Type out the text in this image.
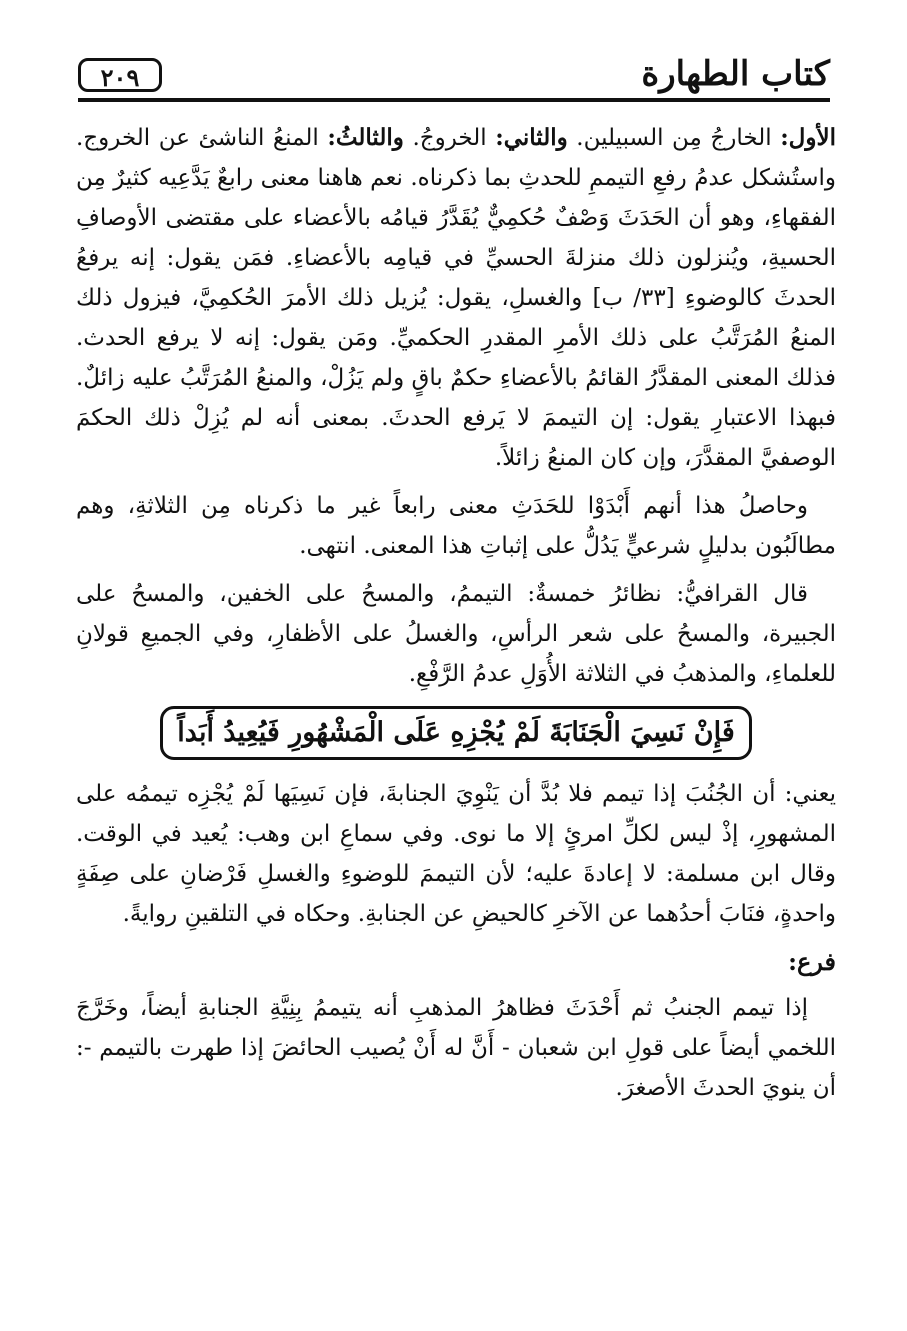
كتاب الطهارة
٢٠٩

الأول: الخارجُ مِن السبيلين. والثاني: الخروجُ. والثالثُ: المنعُ الناشئ عن الخروج. واستُشكل عدمُ رفعِ التيممِ للحدثِ بما ذكرناه. نعم هاهنا معنى رابعٌ يَدَّعِيه كثيرٌ مِن الفقهاءِ، وهو أن الحَدَثَ وَصْفٌ حُكمِيٌّ يُقَدَّرُ قيامُه بالأعضاء على مقتضى الأوصافِ الحسيةِ، ويُنزلون ذلك منزلةَ الحسيِّ في قيامِه بالأعضاءِ. فمَن يقول: إنه يرفعُ الحدثَ كالوضوءِ [٣٣/ ب] والغسلِ، يقول: يُزيل ذلك الأمرَ الحُكمِيَّ، فيزول ذلك المنعُ المُرَتَّبُ على ذلك الأمرِ المقدرِ الحكميِّ. ومَن يقول: إنه لا يرفع الحدث. فذلك المعنى المقدَّرُ القائمُ بالأعضاءِ حكمٌ باقٍ ولم يَزُلْ، والمنعُ المُرَتَّبُ عليه زائلٌ. فبهذا الاعتبارِ يقول: إن التيممَ لا يَرفع الحدثَ. بمعنى أنه لم يُزِلْ ذلك الحكمَ الوصفيَّ المقدَّرَ، وإن كان المنعُ زائلاً.

وحاصلُ هذا أنهم أَبْدَوْا للحَدَثِ معنى رابعاً غير ما ذكرناه مِن الثلاثةِ، وهم مطالَبُون بدليلٍ شرعيٍّ يَدُلُّ على إثباتِ هذا المعنى. انتهى.

قال القرافيُّ: نظائرُ خمسةٌ: التيممُ، والمسحُ على الخفين، والمسحُ على الجبيرة، والمسحُ على شعر الرأسِ، والغسلُ على الأظفارِ، وفي الجميعِ قولانِ للعلماءِ، والمذهبُ في الثلاثة الأُوَلِ عدمُ الرَّفْعِ.

فَإِنْ نَسِيَ الْجَنَابَةَ لَمْ يُجْزِهِ عَلَى الْمَشْهُورِ فَيُعِيدُ أَبَداً

يعني: أن الجُنُبَ إذا تيمم فلا بُدَّ أن يَنْوِيَ الجنابةَ، فإن نَسِيَها لَمْ يُجْزِه تيممُه على المشهورِ، إذْ ليس لكلِّ امرئٍ إلا ما نوى. وفي سماعِ ابن وهب: يُعيد في الوقت. وقال ابن مسلمة: لا إعادةَ عليه؛ لأن التيممَ للوضوءِ والغسلِ فَرْضانِ على صِفَةٍ واحدةٍ، فنَابَ أحدُهما عن الآخرِ كالحيضِ عن الجنابةِ. وحكاه في التلقينِ روايةً.

فرع:

إذا تيمم الجنبُ ثم أَحْدَثَ فظاهرُ المذهبِ أنه يتيممُ بِنِيَّةِ الجنابةِ أيضاً، وخَرَّجَ اللخمي أيضاً على قولِ ابن شعبان - أَنَّ له أَنْ يُصيب الحائضَ إذا طهرت بالتيمم -: أن ينويَ الحدثَ الأصغرَ.
